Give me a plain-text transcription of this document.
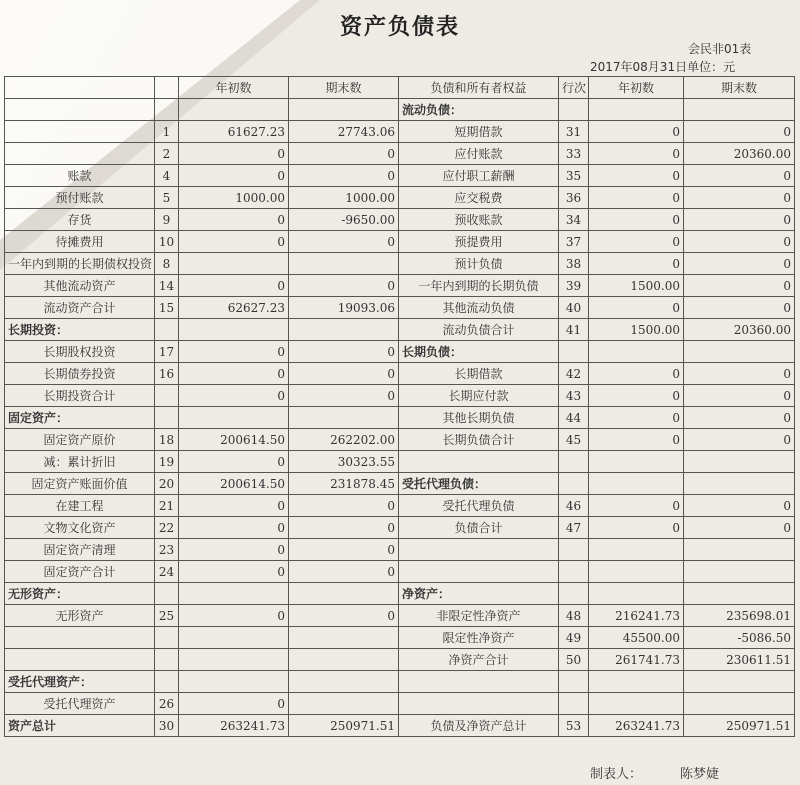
资产负债表
会民非01表
2017年08月31日单位：元
		年初数	期末数	负债和所有者权益	行次	年初数	期末数
				流动负债：			
	1	61627.23	27743.06	短期借款	31	0	0
	2	0	0	应付账款	33	0	20360.00
账款	4	0	0	应付职工薪酬	35	0	0
预付账款	5	1000.00	1000.00	应交税费	36	0	0
存货	9	0	-9650.00	预收账款	34	0	0
待摊费用	10	0	0	预提费用	37	0	0
一年内到期的长期债权投资	8			预计负债	38	0	0
其他流动资产	14	0	0	一年内到期的长期负债	39	1500.00	0
流动资产合计	15	62627.23	19093.06	其他流动负债	40	0	0
长期投资：				流动负债合计	41	1500.00	20360.00
长期股权投资	17	0	0	长期负债：			
长期债券投资	16	0	0	长期借款	42	0	0
长期投资合计		0	0	长期应付款	43	0	0
固定资产：				其他长期负债	44	0	0
固定资产原价	18	200614.50	262202.00	长期负债合计	45	0	0
减：累计折旧	19	0	30323.55				
固定资产账面价值	20	200614.50	231878.45	受托代理负债：			
在建工程	21	0	0	受托代理负债	46	0	0
文物文化资产	22	0	0	负债合计	47	0	0
固定资产清理	23	0	0				
固定资产合计	24	0	0				
无形资产：				净资产：			
无形资产	25	0	0	非限定性净资产	48	216241.73	235698.01
				限定性净资产	49	45500.00	-5086.50
				净资产合计	50	261741.73	230611.51
受托代理资产：							
受托代理资产	26	0					
资产总计	30	263241.73	250971.51	负债及净资产总计	53	263241.73	250971.51
制表人：	陈梦婕
